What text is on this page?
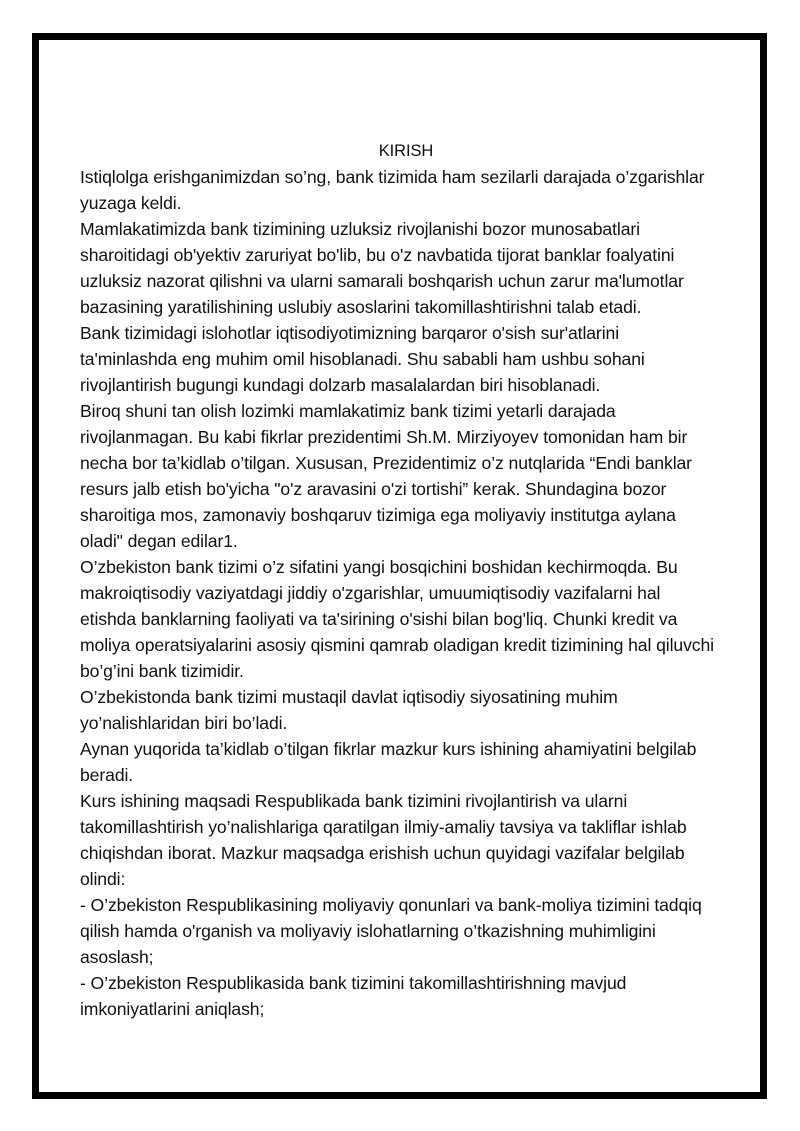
KIRISH

Istiqlolga erishganimizdan so’ng, bank tizimida ham sezilarli darajada o’zgarishlar yuzaga keldi.

Mamlakatimizda bank tizimining uzluksiz rivojlanishi bozor munosabatlari sharoitidagi ob'yektiv zaruriyat bo'lib, bu o'z navbatida tijorat banklar foalyatini uzluksiz nazorat qilishni va ularni samarali boshqarish uchun zarur ma'lumotlar bazasining yaratilishining uslubiy asoslarini takomillashtirishni talab etadi.

Bank tizimidagi islohotlar iqtisodiyotimizning barqaror o'sish sur'atlarini ta'minlashda eng muhim omil hisoblanadi. Shu sababli ham ushbu sohani rivojlantirish bugungi kundagi dolzarb masalalardan biri hisoblanadi.

Biroq shuni tan olish lozimki mamlakatimiz bank tizimi yetarli darajada rivojlanmagan. Bu kabi fikrlar prezidentimi Sh.M. Mirziyoyev tomonidan ham bir necha bor ta’kidlab o’tilgan. Xususan, Prezidentimiz o’z nutqlarida “Endi banklar resurs jalb etish bo'yicha "o'z aravasini o'zi tortishi” kerak. Shundagina bozor sharoitiga mos, zamonaviy boshqaruv tizimiga ega moliyaviy institutga aylana oladi" degan edilar1.

O’zbekiston bank tizimi o’z sifatini yangi bosqichini boshidan kechirmoqda. Bu makroiqtisodiy vaziyatdagi jiddiy o'zgarishlar, umuumiqtisodiy vazifalarni hal etishda banklarning faoliyati va ta'sirining o'sishi bilan bog'liq. Chunki kredit va moliya operatsiyalarini asosiy qismini qamrab oladigan kredit tizimining hal qiluvchi bo’g’ini bank tizimidir.

O’zbekistonda bank tizimi mustaqil davlat iqtisodiy siyosatining muhim yo’nalishlaridan biri bo’ladi.

Aynan yuqorida ta’kidlab o’tilgan fikrlar mazkur kurs ishining ahamiyatini belgilab beradi.

Kurs ishining maqsadi Respublikada bank tizimini rivojlantirish va ularni takomillashtirish yo’nalishlariga qaratilgan ilmiy-amaliy tavsiya va takliflar ishlab chiqishdan iborat. Mazkur maqsadga erishish uchun quyidagi vazifalar belgilab olindi:

- O’zbekiston Respublikasining moliyaviy qonunlari va bank-moliya tizimini tadqiq qilish hamda o'rganish va moliyaviy islohatlarning o’tkazishning muhimligini asoslash;

- O’zbekiston Respublikasida bank tizimini takomillashtirishning mavjud imkoniyatlarini aniqlash;
